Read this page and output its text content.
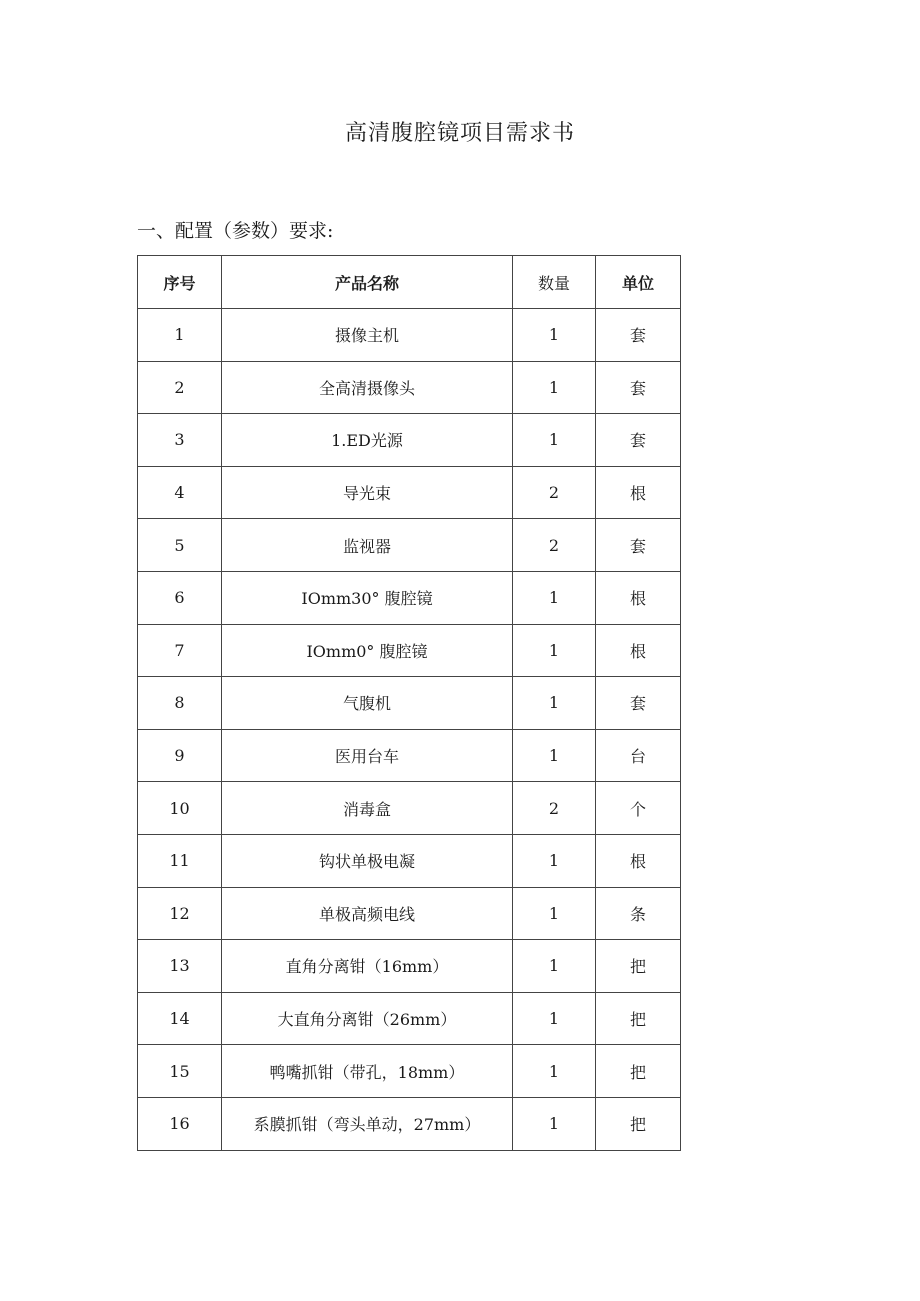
高清腹腔镜项目需求书
一、配置（参数）要求:
序号	产品名称	数量	单位
1	摄像主机	1	套
2	全高清摄像头	1	套
3	1.ED光源	1	套
4	导光束	2	根
5	监视器	2	套
6	IOmm30° 腹腔镜	1	根
7	IOmm0° 腹腔镜	1	根
8	气腹机	1	套
9	医用台车	1	台
10	消毒盒	2	个
11	钩状单极电凝	1	根
12	单极高频电线	1	条
13	直角分离钳（16mm）	1	把
14	大直角分离钳（26mm）	1	把
15	鸭嘴抓钳（带孔，18mm）	1	把
16	系膜抓钳（弯头单动，27mm）	1	把
